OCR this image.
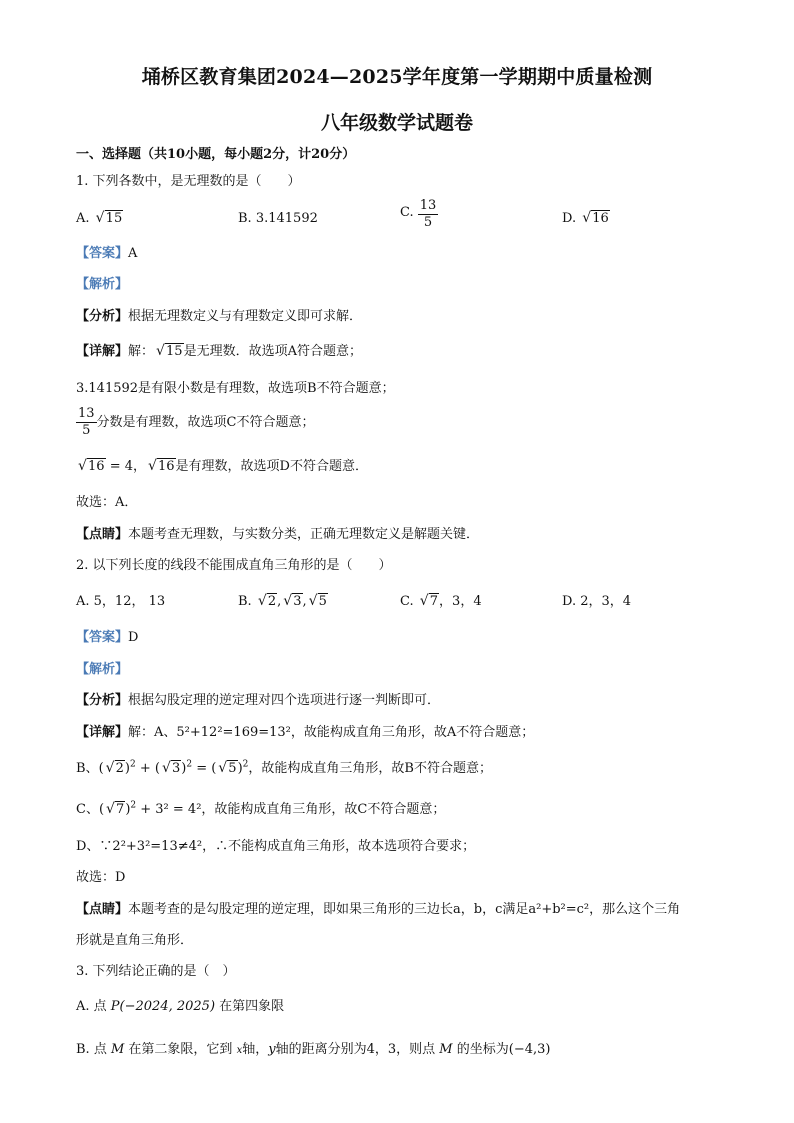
埇桥区教育集团2024—2025学年度第一学期期中质量检测
八年级数学试题卷
一、选择题（共10小题，每小题2分，计20分）
1. 下列各数中，是无理数的是（　　）
A. √ 15	B. 3.141592	C. $\frac{13}{5}$	D. √ 16
【答案】A
【解析】
【分析】根据无理数定义与有理数定义即可求解．
【详解】解： √ 15是无理数．故选项A符合题意；
3.141592是有限小数是有理数，故选项B不符合题意；
$\frac{13}{5}$ 分数是有理数，故选项C不符合题意；
√ 16 = 4， √ 16是有理数，故选项D不符合题意．
故选：A．
【点睛】本题考查无理数，与实数分类，正确无理数定义是解题关键．
2. 以下列长度的线段不能围成直角三角形的是（　　）
A. 5，12， 13	B. √ 2, √ 3, √ 5	C. √ 7，3，4	D. 2，3，4
【答案】D
【解析】
【分析】根据勾股定理的逆定理对四个选项进行逐一判断即可．
【详解】解：A、5²+12²=169=13²，故能构成直角三角形，故A不符合题意；
B、( √ 2)$^2$ + ( √ 3)$^2$ = ( √ 5)$^2$，故能构成直角三角形，故B不符合题意；
C、( √ 7)$^2$ + 3² = 4²，故能构成直角三角形，故C不符合题意；
D、∵2²+3²=13≠4²，∴不能构成直角三角形，故本选项符合要求；
故选：D
【点睛】本题考查的是勾股定理的逆定理，即如果三角形的三边长a，b，c满足a²+b²=c²，那么这个三角
形就是直角三角形．
3. 下列结论正确的是（　）
A. 点 P(−2024, 2025) 在第四象限
B. 点 M 在第二象限，它到 x轴，y轴的距离分别为4，3，则点 M 的坐标为(−4,3)
